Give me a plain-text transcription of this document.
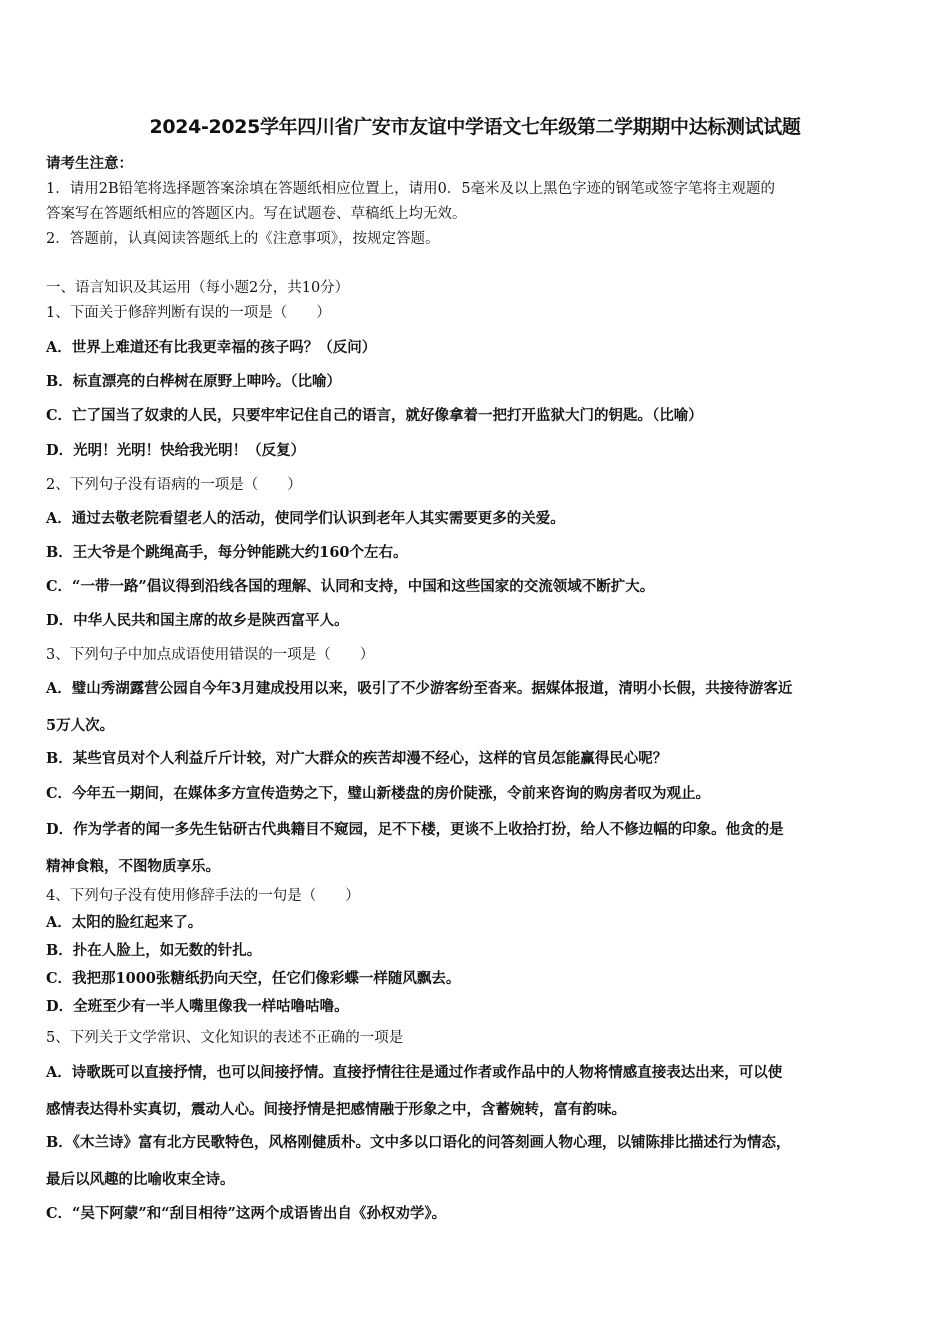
2024-2025学年四川省广安市友谊中学语文七年级第二学期期中达标测试试题
请考生注意：
1．请用2B铅笔将选择题答案涂填在答题纸相应位置上，请用0．5毫米及以上黑色字迹的钢笔或签字笔将主观题的
答案写在答题纸相应的答题区内。写在试题卷、草稿纸上均无效。
2．答题前，认真阅读答题纸上的《注意事项》，按规定答题。
一、语言知识及其运用（每小题2分，共10分）
1、下面关于修辞判断有误的一项是（　　）
A．世界上难道还有比我更幸福的孩子吗？（反问）
B．标直漂亮的白桦树在原野上呻吟。（比喻）
C．亡了国当了奴隶的人民，只要牢牢记住自己的语言，就好像拿着一把打开监狱大门的钥匙。（比喻）
D．光明！光明！快给我光明！（反复）
2、下列句子没有语病的一项是（　　）
A．通过去敬老院看望老人的活动，使同学们认识到老年人其实需要更多的关爱。
B．王大爷是个跳绳高手，每分钟能跳大约160个左右。
C．“一带一路”倡议得到沿线各国的理解、认同和支持，中国和这些国家的交流领域不断扩大。
D．中华人民共和国主席的故乡是陕西富平人。
3、下列句子中加点成语使用错误的一项是（　　）
A．璧山秀湖露营公园自今年3月建成投用以来，吸引了不少游客纷至沓来。据媒体报道，清明小长假，共接待游客近
5万人次。
B．某些官员对个人利益斤斤计较，对广大群众的疾苦却漫不经心，这样的官员怎能赢得民心呢？
C．今年五一期间，在媒体多方宣传造势之下，璧山新楼盘的房价陡涨，令前来咨询的购房者叹为观止。
D．作为学者的闻一多先生钻研古代典籍目不窥园，足不下楼，更谈不上收拾打扮，给人不修边幅的印象。他贪的是
精神食粮，不图物质享乐。
4、下列句子没有使用修辞手法的一句是（　　）
A．太阳的脸红起来了。
B．扑在人脸上，如无数的针扎。
C．我把那1000张糖纸扔向天空，任它们像彩蝶一样随风飘去。
D．全班至少有一半人嘴里像我一样咕噜咕噜。
5、下列关于文学常识、文化知识的表述不正确的一项是
A．诗歌既可以直接抒情，也可以间接抒情。直接抒情往往是通过作者或作品中的人物将情感直接表达出来，可以使
感情表达得朴实真切，震动人心。间接抒情是把感情融于形象之中，含蓄婉转，富有韵味。
B．《木兰诗》富有北方民歌特色，风格刚健质朴。文中多以口语化的问答刻画人物心理，以铺陈排比描述行为情态，
最后以风趣的比喻收束全诗。
C．“吴下阿蒙”和“刮目相待”这两个成语皆出自《孙权劝学》。
